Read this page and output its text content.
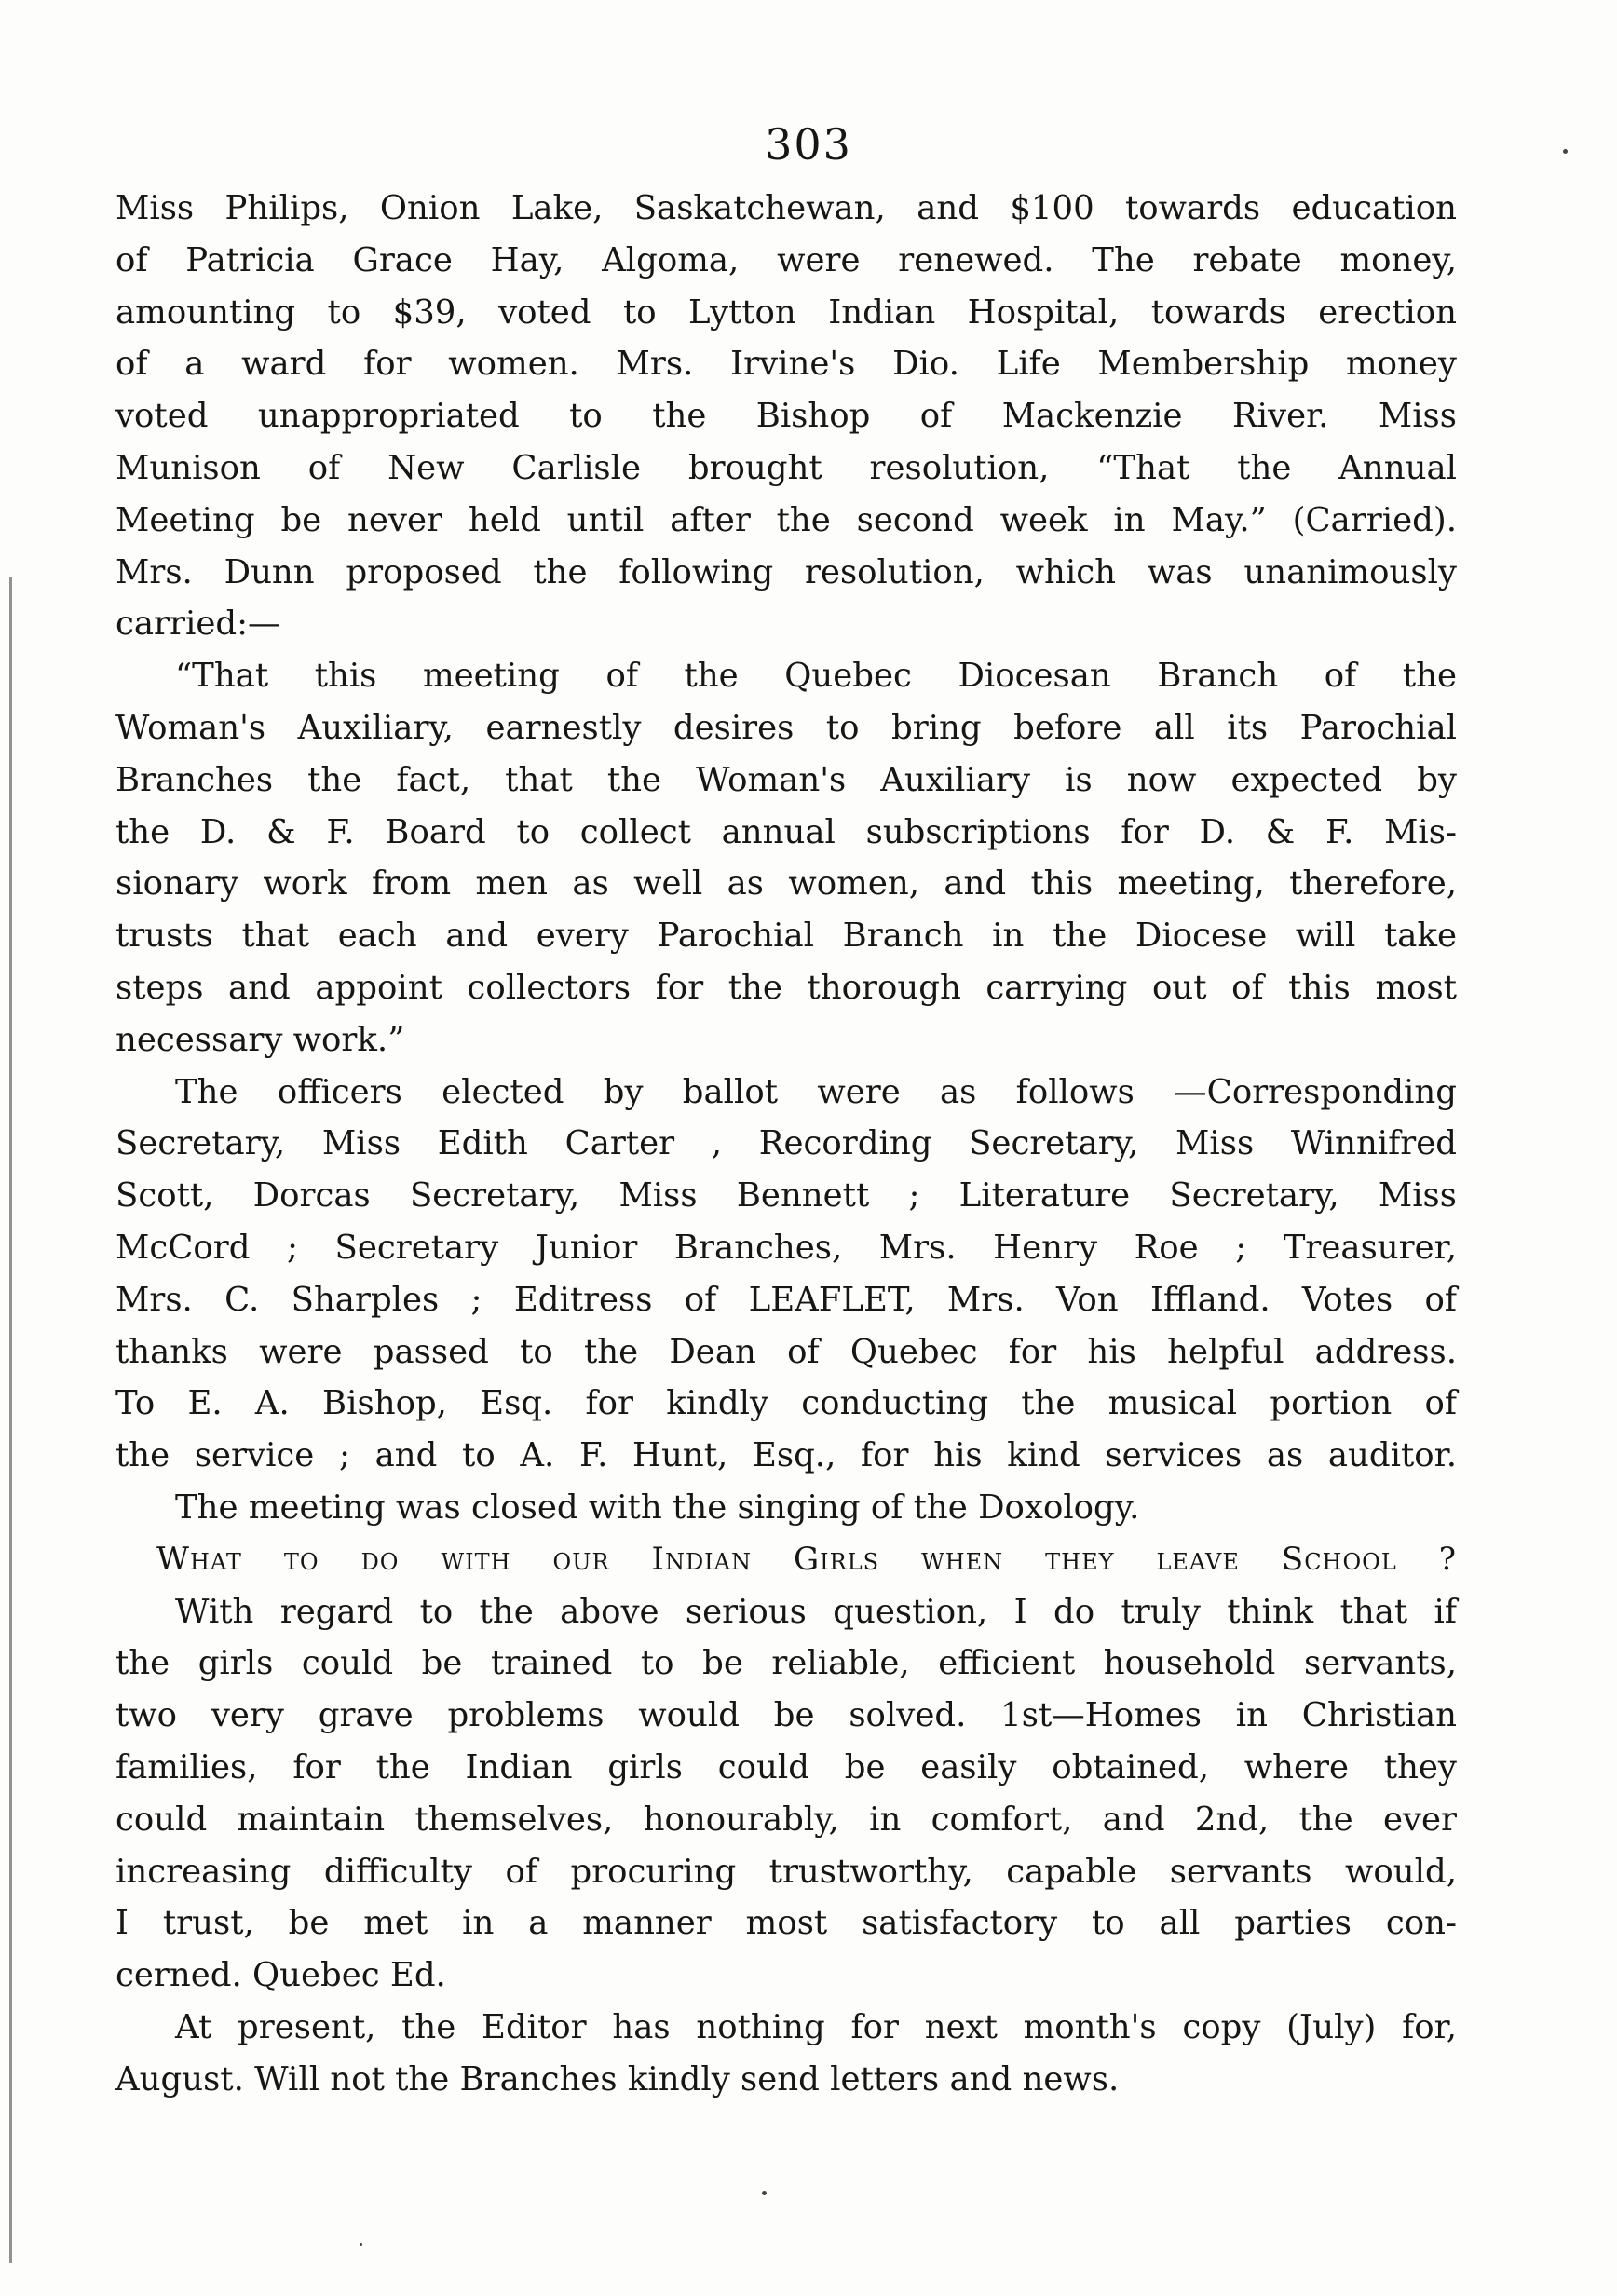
303
Miss Philips, Onion Lake, Saskatchewan, and $100 towards education
of Patricia Grace Hay, Algoma, were renewed. The rebate money,
amounting to $39, voted to Lytton Indian Hospital, towards erection
of a ward for women. Mrs. Irvine's Dio. Life Membership money
voted unappropriated to the Bishop of Mackenzie River. Miss
Munison of New Carlisle brought resolution, “That the Annual
Meeting be never held until after the second week in May.” (Carried).
Mrs. Dunn proposed the following resolution, which was unanimously
carried:—
“That this meeting of the Quebec Diocesan Branch of the
Woman's Auxiliary, earnestly desires to bring before all its Parochial
Branches the fact, that the Woman's Auxiliary is now expected by
the D. & F. Board to collect annual subscriptions for D. & F. Mis-
sionary work from men as well as women, and this meeting, therefore,
trusts that each and every Parochial Branch in the Diocese will take
steps and appoint collectors for the thorough carrying out of this most
necessary work.”
The officers elected by ballot were as follows —Corresponding
Secretary, Miss Edith Carter , Recording Secretary, Miss Winnifred
Scott, Dorcas Secretary, Miss Bennett ; Literature Secretary, Miss
McCord ; Secretary Junior Branches, Mrs. Henry Roe ; Treasurer,
Mrs. C. Sharples ; Editress of LEAFLET, Mrs. Von Iffland. Votes of
thanks were passed to the Dean of Quebec for his helpful address.
To E. A. Bishop, Esq. for kindly conducting the musical portion of
the service ; and to A. F. Hunt, Esq., for his kind services as auditor.
The meeting was closed with the singing of the Doxology.
What to do with our Indian Girls when they leave School ?
With regard to the above serious question, I do truly think that if
the girls could be trained to be reliable, efficient household servants,
two very grave problems would be solved. 1st—Homes in Christian
families, for the Indian girls could be easily obtained, where they
could maintain themselves, honourably, in comfort, and 2nd, the ever
increasing difficulty of procuring trustworthy, capable servants would,
I trust, be met in a manner most satisfactory to all parties con-
cerned. Quebec Ed.
At present, the Editor has nothing for next month's copy (July) for,
August. Will not the Branches kindly send letters and news.
